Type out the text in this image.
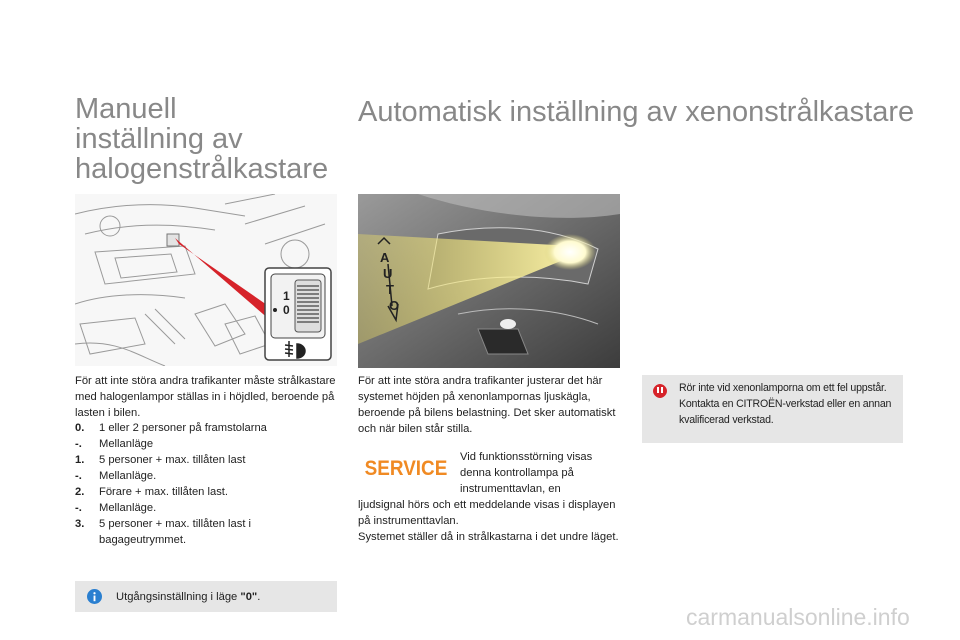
Manuell
inställning av
halogenstrålkastare
Automatisk inställning av xenonstrålkastare
1
0
A
U
T
O

För att inte störa andra trafikanter måste strålkastare med halogenlampor ställas in i höjdled, beroende på lasten i bilen.

0.	1 eller 2 personer på framstolarna
-.	Mellanläge
1.	5 personer + max. tillåten last
-.	Mellanläge.
2.	Förare + max. tillåten last.
-.	Mellanläge.
3.	5 personer + max. tillåten last i bagageutrymmet.
Utgångsinställning i läge "0".

För att inte störa andra trafikanter justerar det här systemet höjden på xenonlampornas ljuskägla, beroende på bilens belastning. Det sker automatiskt och när bilen står stilla.

SERVICE Vid funktionsstörning visas denna kontrollampa på instrumenttavlan, en

ljudsignal hörs och ett meddelande visas i displayen på instrumenttavlan.
Systemet ställer då in strålkastarna i det undre läget.

Rör inte vid xenonlamporna om ett fel uppstår. Kontakta en CITROËN-verkstad eller en annan kvalificerad verkstad.

carmanualsonline.info
